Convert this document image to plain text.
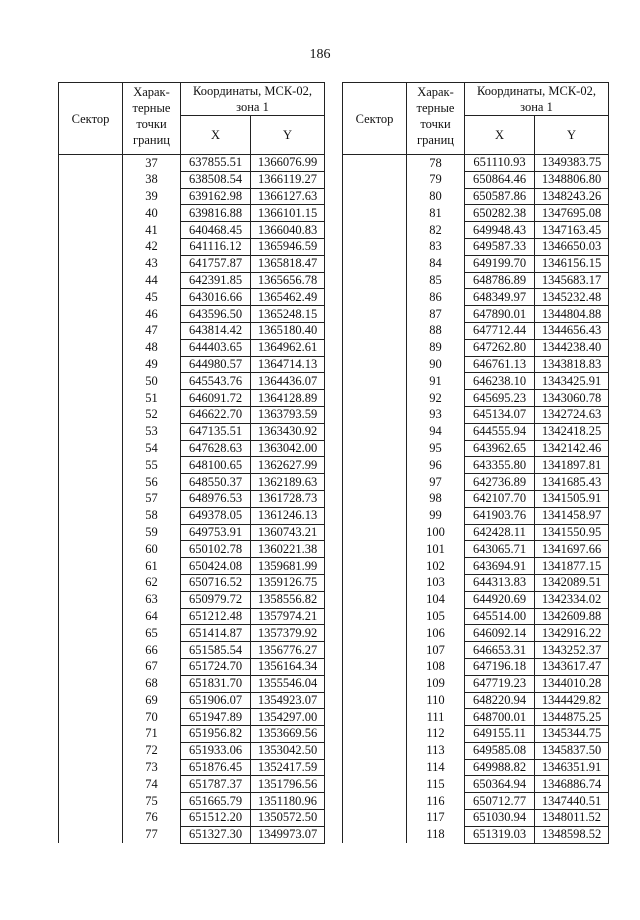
186
Сектор	Харак-терные	Координаты, МСК-02, зона 1	
	точки границ	X	Y

	37	637855.51	1366076.99
	38	638508.54	1366119.27
	39	639162.98	1366127.63
	40	639816.88	1366101.15
	41	640468.45	1366040.83
	42	641116.12	1365946.59
	43	641757.87	1365818.47
	44	642391.85	1365656.78
	45	643016.66	1365462.49
	46	643596.50	1365248.15
	47	643814.42	1365180.40
	48	644403.65	1364962.61
	49	644980.57	1364714.13
	50	645543.76	1364436.07
	51	646091.72	1364128.89
	52	646622.70	1363793.59
	53	647135.51	1363430.92
	54	647628.63	1363042.00
	55	648100.65	1362627.99
	56	648550.37	1362189.63
	57	648976.53	1361728.73
	58	649378.05	1361246.13
	59	649753.91	1360743.21
	60	650102.78	1360221.38
	61	650424.08	1359681.99
	62	650716.52	1359126.75
	63	650979.72	1358556.82
	64	651212.48	1357974.21
	65	651414.87	1357379.92
	66	651585.54	1356776.27
	67	651724.70	1356164.34
	68	651831.70	1355546.04
	69	651906.07	1354923.07
	70	651947.89	1354297.00
	71	651956.82	1353669.56
	72	651933.06	1353042.50
	73	651876.45	1352417.59
	74	651787.37	1351796.56
	75	651665.79	1351180.96
	76	651512.20	1350572.50
	77	651327.30	1349973.07
Сектор	Харак-терные	Координаты, МСК-02, зона 1	
	точки границ	X	Y

	78	651110.93	1349383.75
	79	650864.46	1348806.80
	80	650587.86	1348243.26
	81	650282.38	1347695.08
	82	649948.43	1347163.45
	83	649587.33	1346650.03
	84	649199.70	1346156.15
	85	648786.89	1345683.17
	86	648349.97	1345232.48
	87	647890.01	1344804.88
	88	647712.44	1344656.43
	89	647262.80	1344238.40
	90	646761.13	1343818.83
	91	646238.10	1343425.91
	92	645695.23	1343060.78
	93	645134.07	1342724.63
	94	644555.94	1342418.25
	95	643962.65	1342142.46
	96	643355.80	1341897.81
	97	642736.89	1341685.43
	98	642107.70	1341505.91
	99	641903.76	1341458.97
	100	642428.11	1341550.95
	101	643065.71	1341697.66
	102	643694.91	1341877.15
	103	644313.83	1342089.51
	104	644920.69	1342334.02
	105	645514.00	1342609.88
	106	646092.14	1342916.22
	107	646653.31	1343252.37
	108	647196.18	1343617.47
	109	647719.23	1344010.28
	110	648220.94	1344429.82
	111	648700.01	1344875.25
	112	649155.11	1345344.75
	113	649585.08	1345837.50
	114	649988.82	1346351.91
	115	650364.94	1346886.74
	116	650712.77	1347440.51
	117	651030.94	1348011.52
	118	651319.03	1348598.52
